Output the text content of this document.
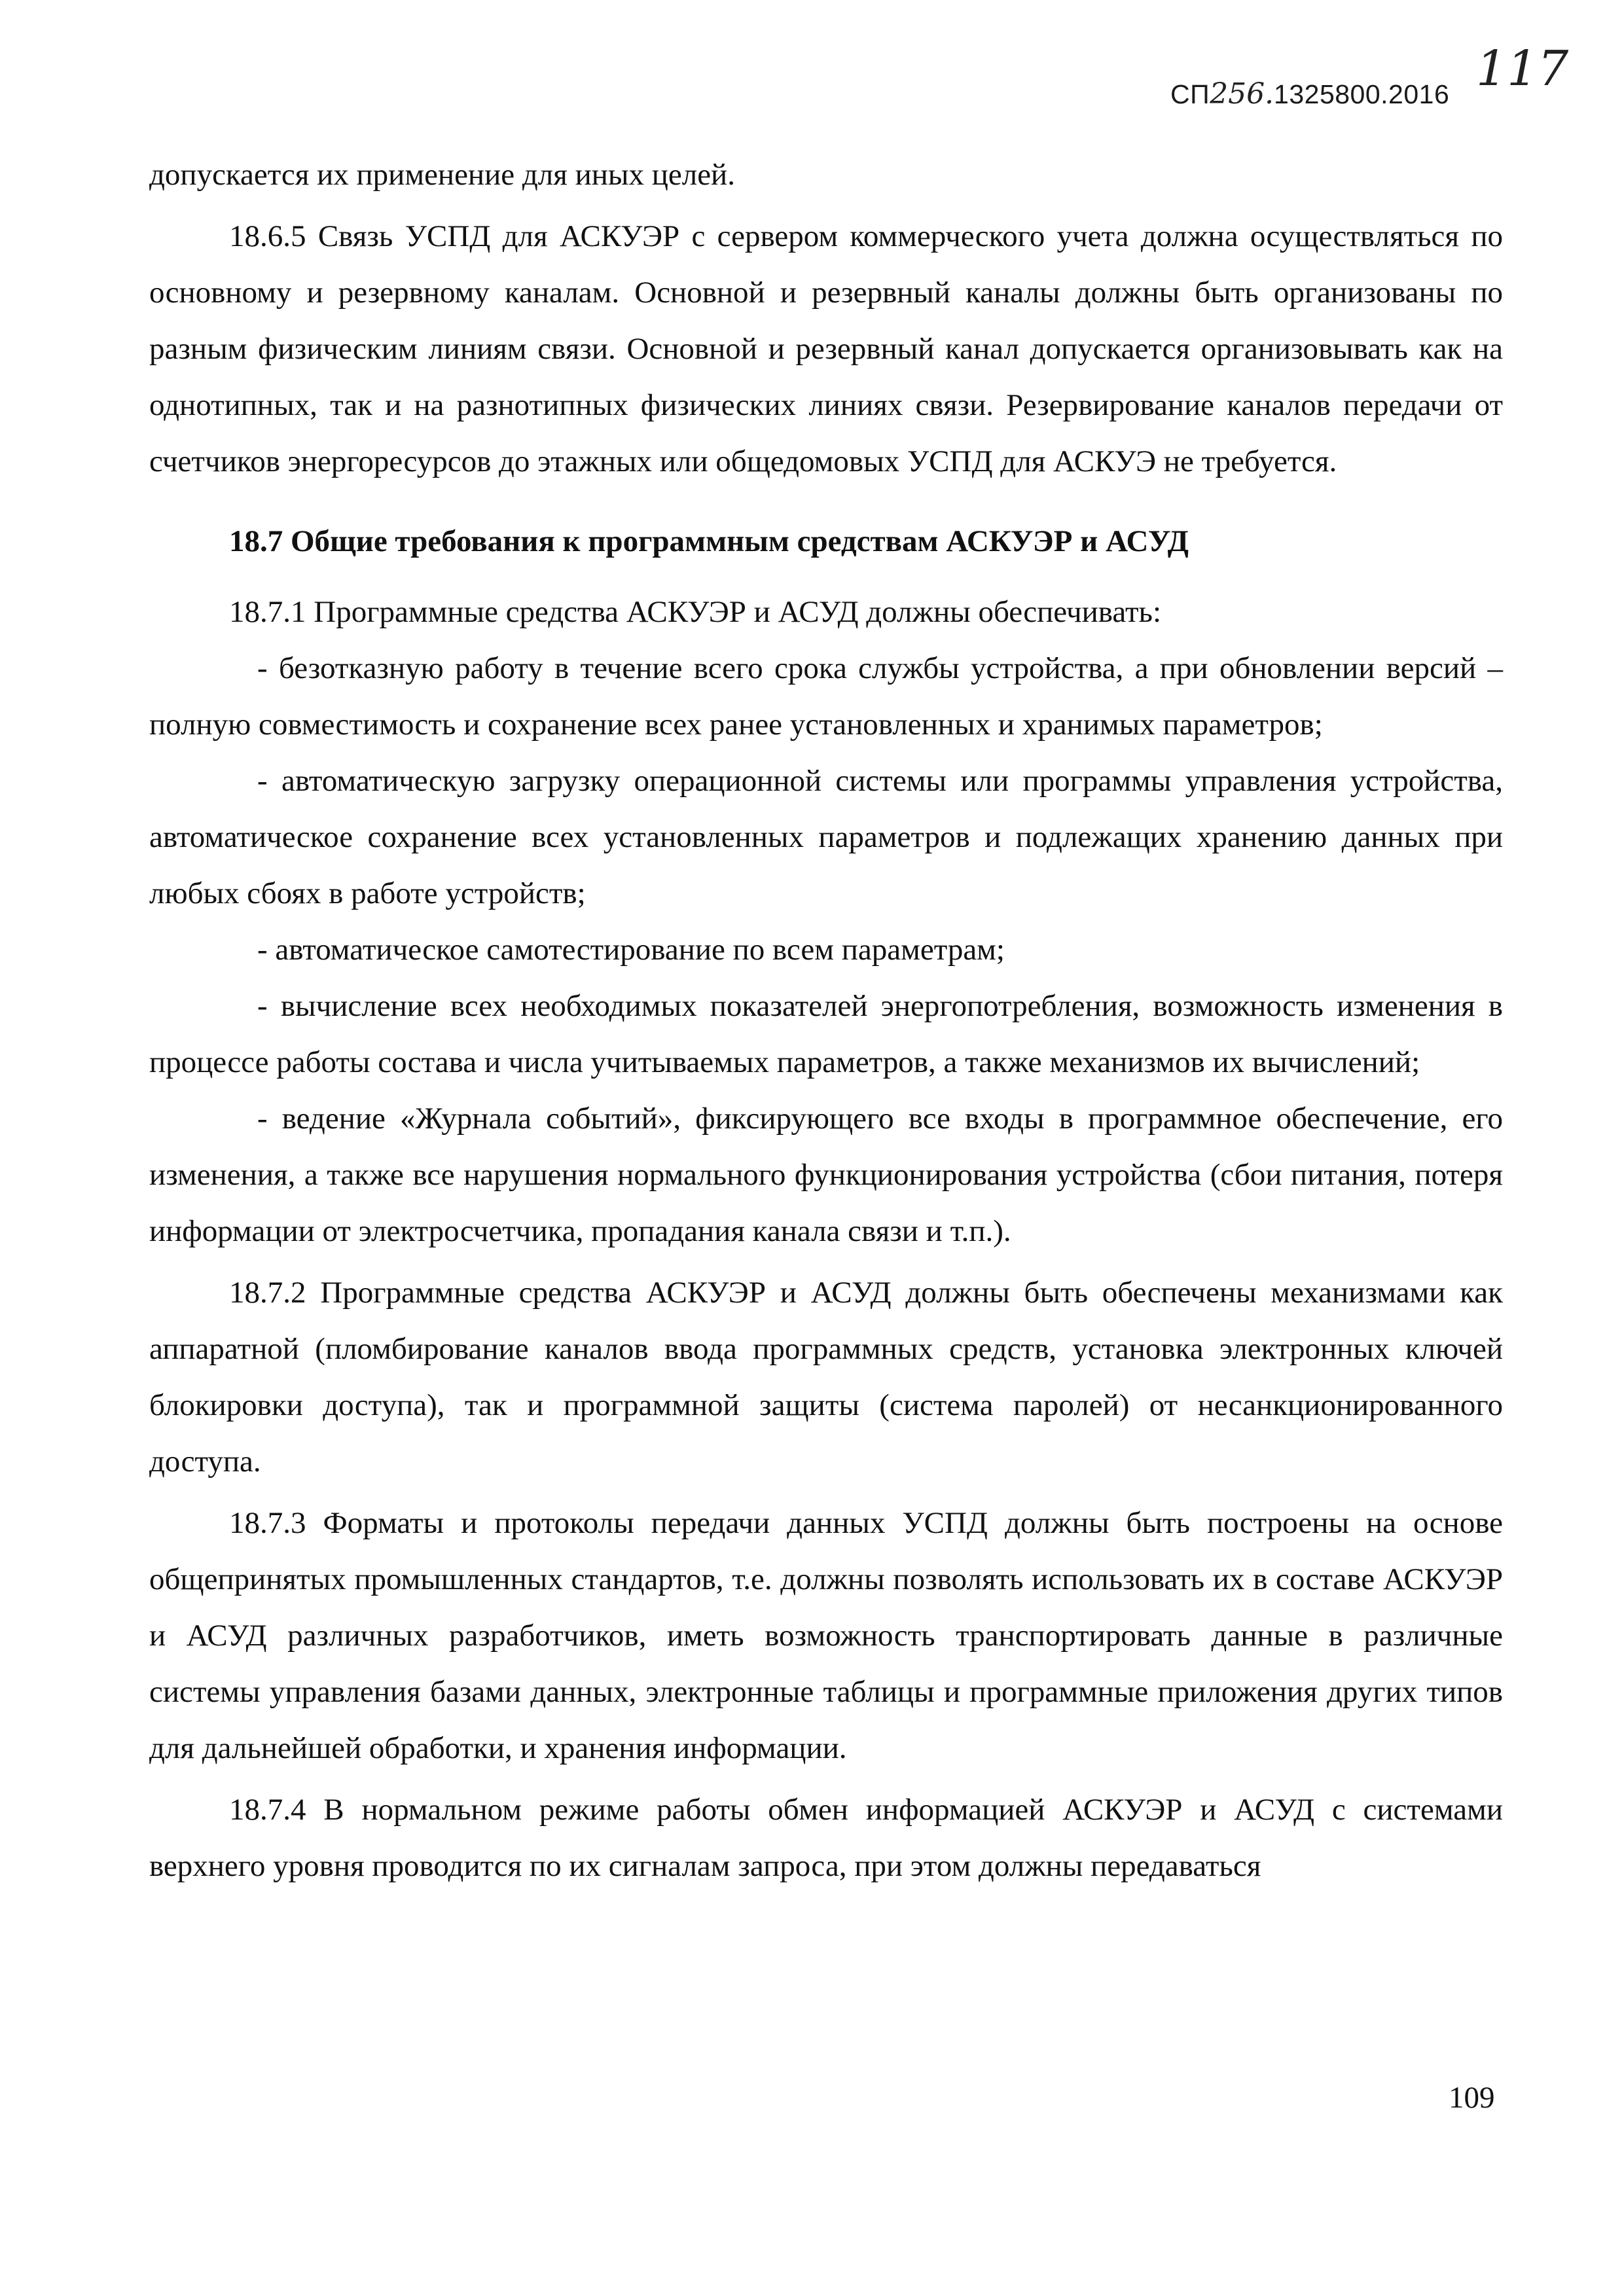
СП256.1325800.2016 117

допускается их применение для иных целей.

18.6.5 Связь УСПД для АСКУЭР с сервером коммерческого учета должна осуществляться по основному и резервному каналам. Основной и резервный каналы должны быть организованы по разным физическим линиям связи. Основной и резервный канал допускается организовывать как на однотипных, так и на разнотипных физических линиях связи. Резервирование каналов передачи от счетчиков энергоресурсов до этажных или общедомовых УСПД для АСКУЭ не требуется.

18.7 Общие требования к программным средствам АСКУЭР и АСУД

18.7.1 Программные средства АСКУЭР и АСУД должны обеспечивать:

- безотказную работу в течение всего срока службы устройства, а при обновлении версий – полную совместимость и сохранение всех ранее установленных и хранимых параметров;

- автоматическую загрузку операционной системы или программы управления устройства, автоматическое сохранение всех установленных параметров и подлежащих хранению данных при любых сбоях в работе устройств;

- автоматическое самотестирование по всем параметрам;

- вычисление всех необходимых показателей энергопотребления, возможность изменения в процессе работы состава и числа учитываемых параметров, а также механизмов их вычислений;

- ведение «Журнала событий», фиксирующего все входы в программное обеспечение, его изменения, а также все нарушения нормального функционирования устройства (сбои питания, потеря информации от электросчетчика, пропадания канала связи и т.п.).

18.7.2 Программные средства АСКУЭР и АСУД должны быть обеспечены механизмами как аппаратной (пломбирование каналов ввода программных средств, установка электронных ключей блокировки доступа), так и программной защиты (система паролей) от несанкционированного доступа.

18.7.3 Форматы и протоколы передачи данных УСПД должны быть построены на основе общепринятых промышленных стандартов, т.е. должны позволять использовать их в составе АСКУЭР и АСУД различных разработчиков, иметь возможность транспортировать данные в различные системы управления базами данных, электронные таблицы и программные приложения других типов для дальнейшей обработки, и хранения информации.

18.7.4 В нормальном режиме работы обмен информацией АСКУЭР и АСУД с системами верхнего уровня проводится по их сигналам запроса, при этом должны передаваться

109
